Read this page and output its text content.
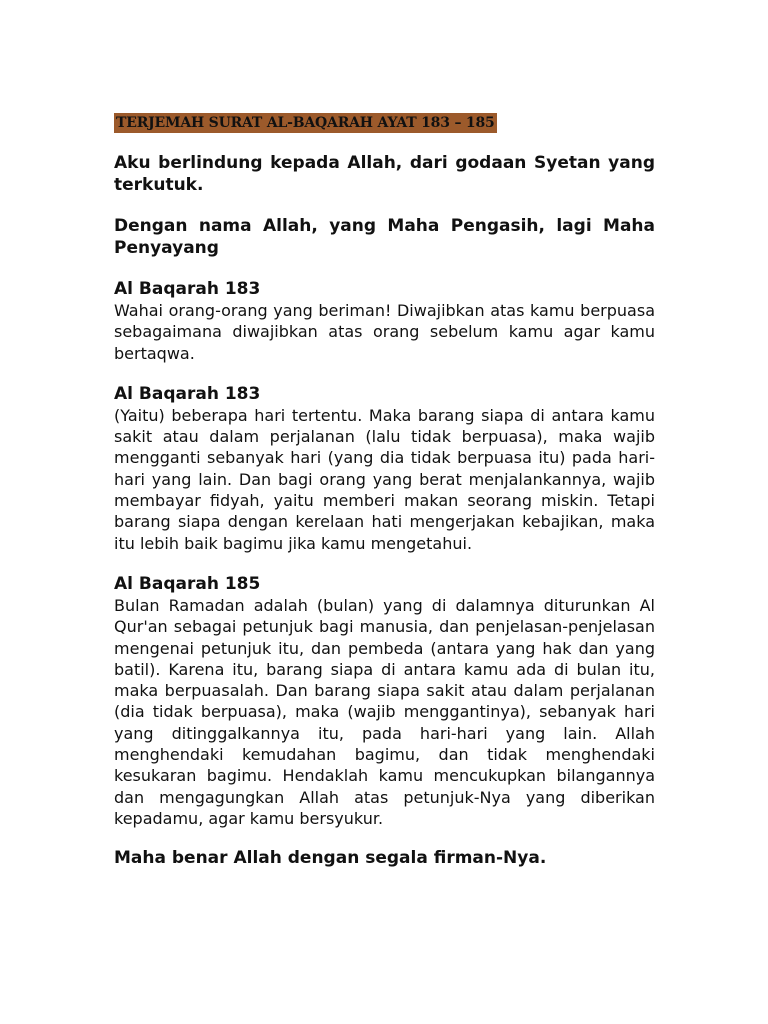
TERJEMAH SURAT AL-BAQARAH AYAT 183 – 185

Aku berlindung kepada Allah, dari godaan Syetan yang terkutuk.

Dengan nama Allah, yang Maha Pengasih, lagi Maha Penyayang

Al Baqarah 183

Wahai orang-orang yang beriman! Diwajibkan atas kamu berpuasa sebagaimana diwajibkan atas orang sebelum kamu agar kamu bertaqwa.

Al Baqarah 183

(Yaitu) beberapa hari tertentu. Maka barang siapa di antara kamu sakit atau dalam perjalanan (lalu tidak berpuasa), maka wajib mengganti sebanyak hari (yang dia tidak berpuasa itu) pada hari-hari yang lain. Dan bagi orang yang berat menjalankannya, wajib membayar fidyah, yaitu memberi makan seorang miskin. Tetapi barang siapa dengan kerelaan hati mengerjakan kebajikan, maka itu lebih baik bagimu jika kamu mengetahui.

Al Baqarah 185

Bulan Ramadan adalah (bulan) yang di dalamnya diturunkan Al Qur'an sebagai petunjuk bagi manusia, dan penjelasan-penjelasan mengenai petunjuk itu, dan pembeda (antara yang hak dan yang batil). Karena itu, barang siapa di antara kamu ada di bulan itu, maka berpuasalah. Dan barang siapa sakit atau dalam perjalanan (dia tidak berpuasa), maka (wajib menggantinya), sebanyak hari yang ditinggalkannya itu, pada hari-hari yang lain. Allah menghendaki kemudahan bagimu, dan tidak menghendaki kesukaran bagimu. Hendaklah kamu mencukupkan bilangannya dan mengagungkan Allah atas petunjuk-Nya yang diberikan kepadamu, agar kamu bersyukur.

Maha benar Allah dengan segala firman-Nya.
